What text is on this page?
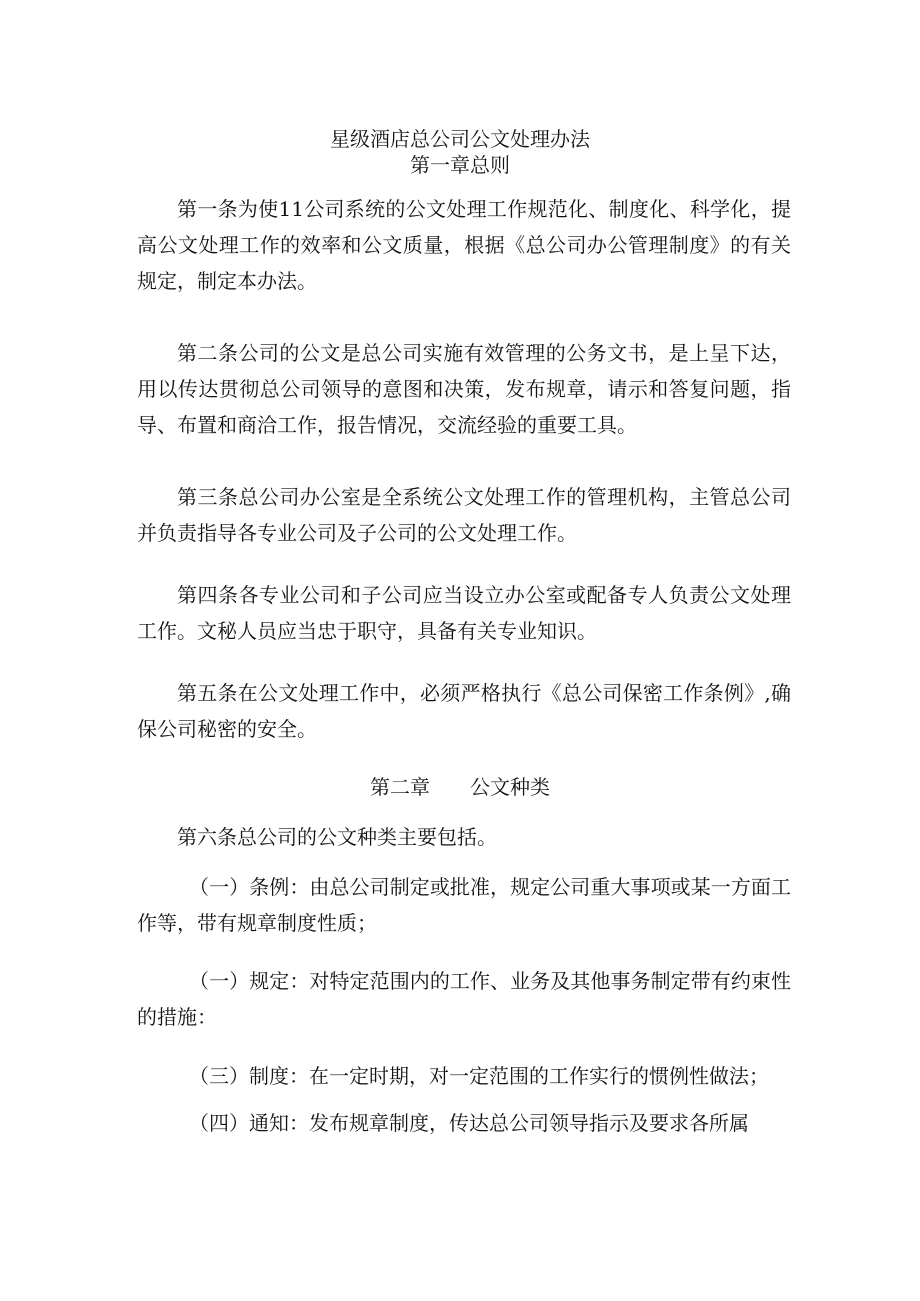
星级酒店总公司公文处理办法
第一章总则

第一条为使11公司系统的公文处理工作规范化、制度化、科学化，提高公文处理工作的效率和公文质量，根据《总公司办公管理制度》的有关规定，制定本办法。

第二条公司的公文是总公司实施有效管理的公务文书，是上呈下达，用以传达贯彻总公司领导的意图和决策，发布规章，请示和答复问题，指导、布置和商洽工作，报告情况，交流经验的重要工具。

第三条总公司办公室是全系统公文处理工作的管理机构，主管总公司并负责指导各专业公司及子公司的公文处理工作。

第四条各专业公司和子公司应当设立办公室或配备专人负责公文处理工作。文秘人员应当忠于职守，具备有关专业知识。

第五条在公文处理工作中，必须严格执行《总公司保密工作条例》,确保公司秘密的安全。

第二章　　公文种类

第六条总公司的公文种类主要包括。

（一）条例：由总公司制定或批准，规定公司重大事项或某一方面工作等，带有规章制度性质；

（一）规定：对特定范围内的工作、业务及其他事务制定带有约束性的措施：

（三）制度：在一定时期，对一定范围的工作实行的惯例性做法；

（四）通知：发布规章制度，传达总公司领导指示及要求各所属
